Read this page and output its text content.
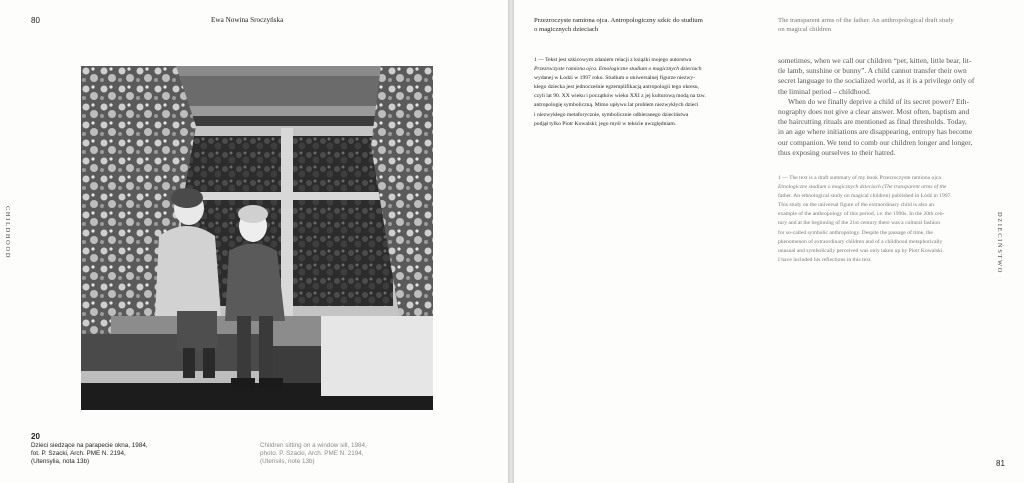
80	Ewa Nowina Sroczyńska
CHILDHOOD
20
Dzieci siedzące na parapecie okna, 1984,
fot. P. Szacki, Arch. PME N. 2194,
(Utensylia, nota 13b)
Children sitting on a window sill, 1984,
photo. P. Szacki, Arch. PME N. 2194,
(Utensils, note 13b)
Przezroczyste ramiona ojca. Antropologiczny szkic do studium
o magicznych dzieciach
The transparent arms of the father. An anthropological draft study
on magical children

1 — Tekst jest szkicowym zdaniem relacji z książki mojego autorstwa

Przezroczyste ramiona ojca. Etnologiczne studium o magicznych dzieciach

wydanej w Łodzi w 1997 roku. Studium o uniwersalnej figurze niezwy-

kłego dziecka jest jednocześnie egzemplifikacją antropologii tego okresu,

czyli lat 90. XX wieku i początków wieku XXI z jej kulturową modą na tzw.

antropologię symboliczną. Mimo upływu lat problem niezwykłych dzieci

i niezwykłego metaforycznie, symbolicznie odbieranego dzieciństwa

podjął tylko Piotr Kowalski; jego myśl w tekście uwzględniam.

sometimes, when we call our children “pet, kitten, little bear, lit-

tle lamb, sunshine or bunny”. A child cannot transfer their own

secret language to the socialized world, as it is a privilege only of

the liminal period – childhood.

When do we finally deprive a child of its secret power? Eth-

nography does not give a clear answer. Most often, baptism and

the haircutting rituals are mentioned as final thresholds. Today,

in an age where initiations are disappearing, entropy has become

our companion. We tend to comb our children longer and longer,

thus exposing ourselves to their hatred.

1 — The text is a draft summary of my book Przezroczyste ramiona ojca.

Etnologiczne studium o magicznych dzieciach (The transparent arms of the

father. An ethnological study on magical children) published in Łódź in 1997.

This study on the universal figure of the extraordinary child is also an

example of the anthropology of this period, i.e. the 1990s. In the 20th cen-

tury and at the beginning of the 21st century there was a cultural fashion

for so-called symbolic anthropology. Despite the passage of time, the

phenomenon of extraordinary children and of a childhood metaphorically

unusual and symbolically perceived was only taken up by Piotr Kowalski.

I have included his reflections in this text.	DZIECIŃSTWO
81
